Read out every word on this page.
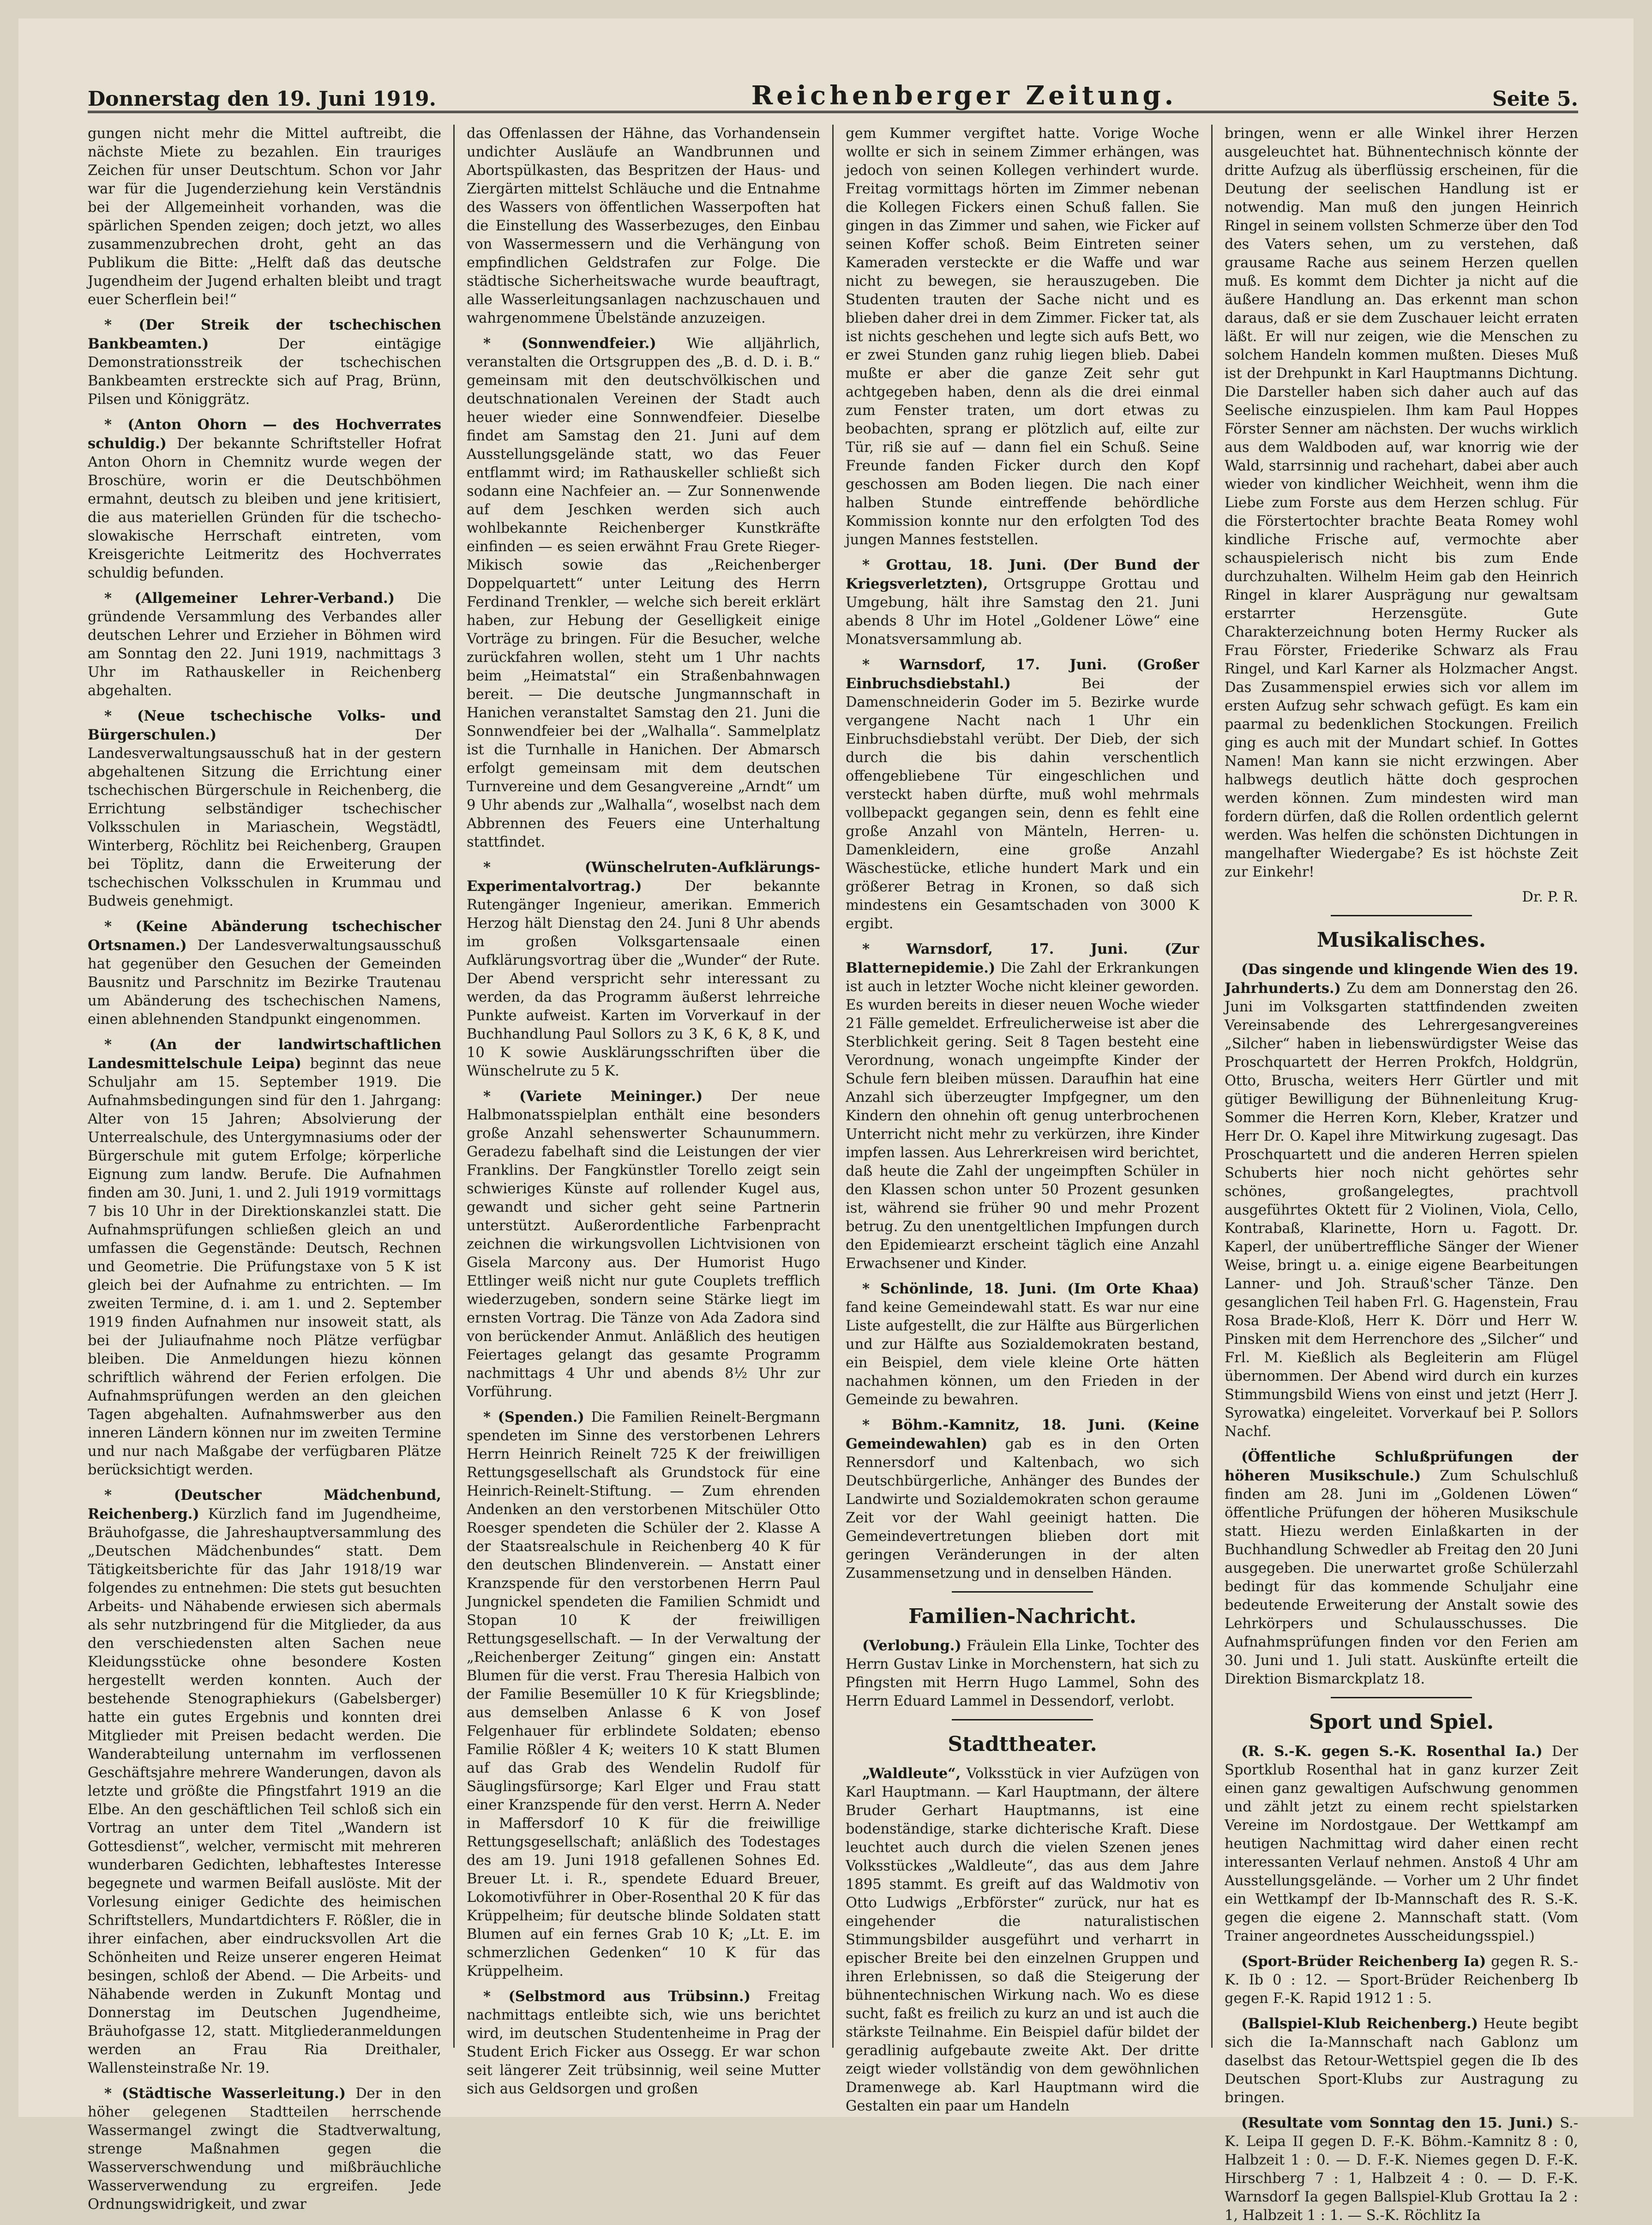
Donnerstag den 19. Juni 1919.	Reichenberger Zeitung.	Seite 5.

gungen nicht mehr die Mittel auftreibt, die nächste Miete zu bezahlen. Ein trauriges Zeichen für unser Deutschtum. Schon vor Jahr war für die Jugenderziehung kein Verständnis bei der Allgemeinheit vorhanden, was die spärlichen Spenden zeigen; doch jetzt, wo alles zusammenzubrechen droht, geht an das Publikum die Bitte: „Helft daß das deutsche Jugendheim der Jugend erhalten bleibt und tragt euer Scherflein bei!“

* (Der Streik der tschechischen Bankbeamten.)	Der eintägige Demonstrationsstreik der tschechischen Bankbeamten erstreckte sich auf Prag, Brünn, Pilsen und Königgrätz.

* (Anton Ohorn — des Hochverrates schuldig.) Der bekannte Schriftsteller Hofrat Anton Ohorn in Chemnitz wurde wegen der Broschüre, worin er die Deutschböhmen ermahnt, deutsch zu bleiben und jene kritisiert, die aus materiellen Gründen für die tschecho-slowakische Herrschaft eintreten, vom Kreisgerichte Leitmeritz des Hochverrates schuldig befunden.

* (Allgemeiner Lehrer-Verband.) Die gründende Versammlung des Verbandes aller deutschen Lehrer und Erzieher in Böhmen wird am Sonntag den 22. Juni 1919, nachmittags 3 Uhr im Rathauskeller in Reichenberg abgehalten.

* (Neue tschechische Volks- und Bürgerschulen.)	Der Landesverwaltungsausschuß hat in der gestern abgehaltenen Sitzung die Errichtung einer tschechischen Bürgerschule in Reichenberg, die Errichtung selbständiger tschechischer Volksschulen in Mariaschein, Wegstädtl, Winterberg, Röchlitz bei Reichenberg, Graupen bei Töplitz, dann die Erweiterung der tschechischen Volksschulen in Krummau und Budweis genehmigt.

* (Keine Abänderung tschechischer Ortsnamen.) Der Landesverwaltungsausschuß hat gegenüber den Gesuchen der Gemeinden Bausnitz und Parschnitz im Bezirke Trautenau um Abänderung des tschechischen Namens, einen ablehnenden Standpunkt eingenommen.

* (An der landwirtschaftlichen Landesmittelschule Leipa) beginnt das neue Schuljahr am 15. September 1919. Die Aufnahmsbedingungen sind für den 1. Jahrgang: Alter von 15 Jahren; Absolvierung der Unterrealschule, des Untergymnasiums oder der Bürgerschule mit gutem Erfolge; körperliche Eignung zum landw. Berufe. Die Aufnahmen finden am 30. Juni, 1. und 2. Juli 1919 vormittags 7 bis 10 Uhr in der Direktionskanzlei statt. Die Aufnahmsprüfungen schließen gleich an und umfassen die Gegenstände: Deutsch, Rechnen und Geometrie. Die Prüfungstaxe von 5 K ist gleich bei der Aufnahme zu entrichten. — Im zweiten Termine, d. i. am 1. und 2. September 1919 finden Aufnahmen nur insoweit statt, als bei der Juliaufnahme noch Plätze verfügbar bleiben. Die Anmeldungen hiezu können schriftlich während der Ferien erfolgen. Die Aufnahmsprüfungen werden an den gleichen Tagen abgehalten. Aufnahmswerber aus den inneren Ländern können nur im zweiten Termine und nur nach Maßgabe der verfügbaren Plätze berücksichtigt werden.

* (Deutscher Mädchenbund, Reichenberg.) Kürzlich fand im Jugendheime, Bräuhofgasse, die Jahreshauptversammlung des „Deutschen Mädchenbundes“ statt. Dem Tätigkeitsberichte für das Jahr 1918/19 war folgendes zu entnehmen: Die stets gut besuchten Arbeits- und Nähabende erwiesen sich abermals als sehr nutzbringend für die Mitglieder, da aus den verschiedensten alten Sachen neue Kleidungsstücke ohne besondere Kosten hergestellt werden konnten. Auch der bestehende Stenographiekurs (Gabelsberger) hatte ein gutes Ergebnis und konnten drei Mitglieder mit Preisen bedacht werden. Die Wanderabteilung unternahm im verflossenen Geschäftsjahre mehrere Wanderungen, davon als letzte und größte die Pfingstfahrt 1919 an die Elbe. An den geschäftlichen Teil schloß sich ein Vortrag an unter dem Titel „Wandern ist Gottesdienst“, welcher, vermischt mit mehreren wunderbaren Gedichten, lebhaftestes Interesse begegnete und warmen Beifall auslöste. Mit der Vorlesung einiger Gedichte des heimischen Schriftstellers, Mundartdichters F. Rößler, die in ihrer einfachen, aber eindrucksvollen Art die Schönheiten und Reize unserer engeren Heimat besingen, schloß der Abend. — Die Arbeits- und Nähabende werden in Zukunft Montag und Donnerstag im Deutschen Jugendheime, Bräuhofgasse 12, statt. Mitgliederanmeldungen werden an Frau Ria Dreithaler, Wallensteinstraße Nr. 19.

* (Städtische Wasserleitung.) Der in den höher gelegenen Stadtteilen herrschende Wassermangel zwingt die Stadtverwaltung, strenge Maßnahmen gegen die Wasserverschwendung und mißbräuchliche Wasserverwendung zu ergreifen. Jede Ordnungswidrigkeit, und zwar

das Offenlassen der Hähne, das Vorhandensein undichter Ausläufe an Wandbrunnen und Abortspülkasten, das Bespritzen der Haus- und Ziergärten mittelst Schläuche und die Entnahme des Wassers von öffentlichen Wasserpoften hat die Einstellung des Wasserbezuges, den Einbau von Wassermessern und die Verhängung von empfindlichen Geldstrafen zur Folge. Die städtische Sicherheitswache wurde beauftragt, alle Wasserleitungsanlagen nachzuschauen und wahrgenommene Übelstände anzuzeigen.

* (Sonnwendfeier.) Wie alljährlich, veranstalten die Ortsgruppen des „B. d. D. i. B.“ gemeinsam mit den deutschvölkischen und deutschnationalen Vereinen der Stadt auch heuer wieder eine Sonnwendfeier. Dieselbe findet am Samstag den 21. Juni auf dem Ausstellungsgelände statt, wo das Feuer entflammt wird; im Rathauskeller schließt sich sodann eine Nachfeier an. — Zur Sonnenwende auf dem Jeschken werden sich auch wohlbekannte Reichenberger Kunstkräfte einfinden — es seien erwähnt Frau Grete Rieger-Mikisch sowie das „Reichenberger Doppelquartett“ unter Leitung des Herrn Ferdinand Trenkler, — welche sich bereit erklärt haben, zur Hebung der Geselligkeit einige Vorträge zu bringen. Für die Besucher, welche zurückfahren wollen, steht um 1 Uhr nachts beim „Heimatstal“ ein Straßenbahnwagen bereit. — Die deutsche Jungmannschaft in Hanichen veranstaltet Samstag den 21. Juni die Sonnwendfeier bei der „Walhalla“. Sammelplatz ist die Turnhalle in Hanichen. Der Abmarsch erfolgt gemeinsam mit dem deutschen Turnvereine und dem Gesangvereine „Arndt“ um 9 Uhr abends zur „Walhalla“, woselbst nach dem Abbrennen des Feuers eine Unterhaltung stattfindet.

* (Wünschelruten-Aufklärungs-Experimentalvortrag.)	Der bekannte Rutengänger Ingenieur, amerikan. Emmerich Herzog hält Dienstag den 24. Juni 8 Uhr abends im großen Volksgartensaale einen Aufklärungsvortrag über die „Wunder“ der Rute. Der Abend verspricht sehr interessant zu werden, da das Programm äußerst lehrreiche Punkte aufweist. Karten im Vorverkauf in der Buchhandlung Paul Sollors zu 3 K, 6 K, 8 K, und 10 K sowie Ausklärungsschriften über die Wünschelrute zu 5 K.

* (Variete Meininger.) Der neue Halbmonatsspielplan enthält eine besonders große Anzahl sehenswerter Schaunummern. Geradezu fabelhaft sind die Leistungen der vier Franklins. Der Fangkünstler Torello zeigt sein schwieriges Künste auf rollender Kugel aus, gewandt und sicher geht seine Partnerin unterstützt. Außerordentliche Farbenpracht zeichnen die wirkungsvollen Lichtvisionen von Gisela Marcony aus. Der Humorist Hugo Ettlinger weiß nicht nur gute Couplets trefflich wiederzugeben, sondern seine Stärke liegt im ernsten Vortrag. Die Tänze von Ada Zadora sind von berückender Anmut. Anläßlich des heutigen Feiertages gelangt das gesamte Programm nachmittags 4 Uhr und abends 8½ Uhr zur Vorführung.

* (Spenden.) Die Familien Reinelt-Bergmann spendeten im Sinne des verstorbenen Lehrers Herrn Heinrich Reinelt 725 K der freiwilligen Rettungsgesellschaft als Grundstock für eine Heinrich-Reinelt-Stiftung. — Zum ehrenden Andenken an den verstorbenen Mitschüler Otto Roesger spendeten die Schüler der 2. Klasse A der Staatsrealschule in Reichenberg 40 K für den deutschen Blindenverein. — Anstatt einer Kranzspende für den verstorbenen Herrn Paul Jungnickel spendeten die Familien Schmidt und Stopan 10 K der freiwilligen Rettungsgesellschaft. — In der Verwaltung der „Reichenberger Zeitung“ gingen ein: Anstatt Blumen für die verst. Frau Theresia Halbich von der Familie Besemüller 10 K für Kriegsblinde; aus demselben Anlasse 6 K von Josef Felgenhauer für erblindete Soldaten; ebenso Familie Rößler 4 K; weiters 10 K statt Blumen auf das Grab des Wendelin Rudolf für Säuglingsfürsorge; Karl Elger und Frau statt einer Kranzspende für den verst. Herrn A. Neder in Maffersdorf 10 K für die freiwillige Rettungsgesellschaft; anläßlich des Todestages des am 19. Juni 1918 gefallenen Sohnes Ed. Breuer Lt. i. R., spendete Eduard Breuer, Lokomotivführer in Ober-Rosenthal 20 K für das Krüppelheim; für deutsche blinde Soldaten statt Blumen auf ein fernes Grab 10 K; „Lt. E. im schmerzlichen Gedenken“ 10 K für das Krüppelheim.

* (Selbstmord aus Trübsinn.) Freitag nachmittags entleibte sich, wie uns berichtet wird, im deutschen Studentenheime in Prag der Student Erich Ficker aus Ossegg. Er war schon seit längerer Zeit trübsinnig, weil seine Mutter sich aus Geldsorgen und großen

gem Kummer vergiftet hatte. Vorige Woche wollte er sich in seinem Zimmer erhängen, was jedoch von seinen Kollegen verhindert wurde. Freitag vormittags hörten im Zimmer nebenan die Kollegen Fickers einen Schuß fallen. Sie gingen in das Zimmer und sahen, wie Ficker auf seinen Koffer schoß. Beim Eintreten seiner Kameraden versteckte er die Waffe und war nicht zu bewegen, sie herauszugeben. Die Studenten trauten der Sache nicht und es blieben daher drei in dem Zimmer. Ficker tat, als ist nichts geschehen und legte sich aufs Bett, wo er zwei Stunden ganz ruhig liegen blieb. Dabei mußte er aber die ganze Zeit sehr gut achtgegeben haben, denn als die drei einmal zum Fenster traten, um dort etwas zu beobachten, sprang er plötzlich auf, eilte zur Tür, riß sie auf — dann fiel ein Schuß. Seine Freunde fanden Ficker durch den Kopf geschossen am Boden liegen. Die nach einer halben Stunde eintreffende behördliche Kommission konnte nur den erfolgten Tod des jungen Mannes feststellen.

* Grottau, 18. Juni. (Der Bund der Kriegsverletzten), Ortsgruppe Grottau und Umgebung, hält ihre Samstag den 21. Juni abends 8 Uhr im Hotel „Goldener Löwe“ eine Monatsversammlung ab.

* Warnsdorf, 17. Juni. (Großer Einbruchsdiebstahl.)	Bei der Damenschneiderin Goder im 5. Bezirke wurde vergangene Nacht nach 1 Uhr ein Einbruchsdiebstahl verübt. Der Dieb, der sich durch die bis dahin verschentlich offengebliebene Tür eingeschlichen und versteckt haben dürfte, muß wohl mehrmals vollbepackt gegangen sein, denn es fehlt eine große Anzahl von Mänteln, Herren- u. Damenkleidern, eine große Anzahl Wäschestücke, etliche hundert Mark und ein größerer Betrag in Kronen, so daß sich mindestens ein Gesamtschaden von 3000 K ergibt.

* Warnsdorf, 17. Juni. (Zur Blatternepidemie.) Die Zahl der Erkrankungen ist auch in letzter Woche nicht kleiner geworden. Es wurden bereits in dieser neuen Woche wieder 21 Fälle gemeldet. Erfreulicherweise ist aber die Sterblichkeit gering. Seit 8 Tagen besteht eine Verordnung, wonach ungeimpfte Kinder der Schule fern bleiben müssen. Daraufhin hat eine Anzahl sich überzeugter Impfgegner, um den Kindern den ohnehin oft genug unterbrochenen Unterricht nicht mehr zu verkürzen, ihre Kinder impfen lassen. Aus Lehrerkreisen wird berichtet, daß heute die Zahl der ungeimpften Schüler in den Klassen schon unter 50 Prozent gesunken ist, während sie früher 90 und mehr Prozent betrug. Zu den unentgeltlichen Impfungen durch den Epidemiearzt erscheint täglich eine Anzahl Erwachsener und Kinder.

* Schönlinde, 18. Juni. (Im Orte Khaa) fand keine Gemeindewahl statt. Es war nur eine Liste aufgestellt, die zur Hälfte aus Bürgerlichen und zur Hälfte aus Sozialdemokraten bestand, ein Beispiel, dem viele kleine Orte hätten nachahmen können, um den Frieden in der Gemeinde zu bewahren.

* Böhm.-Kamnitz, 18. Juni. (Keine Gemeindewahlen) gab es in den Orten Rennersdorf und Kaltenbach, wo sich Deutschbürgerliche, Anhänger des Bundes der Landwirte und Sozialdemokraten schon geraume Zeit vor der Wahl geeinigt hatten. Die Gemeindevertretungen blieben dort mit geringen Veränderungen in der alten Zusammensetzung und in denselben Händen.

Familien-Nachricht.

(Verlobung.) Fräulein Ella Linke, Tochter des Herrn Gustav Linke in Morchenstern, hat sich zu Pfingsten mit Herrn Hugo Lammel, Sohn des Herrn Eduard Lammel in Dessendorf, verlobt.

Stadttheater.

„Waldleute“, Volksstück in vier Aufzügen von Karl Hauptmann. — Karl Hauptmann, der ältere Bruder Gerhart Hauptmanns, ist eine bodenständige, starke dichterische Kraft. Diese leuchtet auch durch die vielen Szenen jenes Volksstückes „Waldleute“, das aus dem Jahre 1895 stammt. Es greift auf das Waldmotiv von Otto Ludwigs „Erbförster“ zurück, nur hat es eingehender die naturalistischen Stimmungsbilder ausgeführt und verharrt in epischer Breite bei den einzelnen Gruppen und ihren Erlebnissen, so daß die Steigerung der bühnentechnischen Wirkung nach. Wo es diese sucht, faßt es freilich zu kurz an und ist auch die stärkste Teilnahme. Ein Beispiel dafür bildet der geradlinig aufgebaute zweite Akt. Der dritte zeigt wieder vollständig von dem gewöhnlichen Dramenwege ab. Karl Hauptmann wird die Gestalten ein paar um Handeln

bringen, wenn er alle Winkel ihrer Herzen ausgeleuchtet hat. Bühnentechnisch könnte der dritte Aufzug als überflüssig erscheinen, für die Deutung der seelischen Handlung ist er notwendig. Man muß den jungen Heinrich Ringel in seinem vollsten Schmerze über den Tod des Vaters sehen, um zu verstehen, daß grausame Rache aus seinem Herzen quellen muß. Es kommt dem Dichter ja nicht auf die äußere Handlung an. Das erkennt man schon daraus, daß er sie dem Zuschauer leicht erraten läßt. Er will nur zeigen, wie die Menschen zu solchem Handeln kommen mußten. Dieses Muß ist der Drehpunkt in Karl Hauptmanns Dichtung. Die Darsteller haben sich daher auch auf das Seelische einzuspielen. Ihm kam Paul Hoppes Förster Senner am nächsten. Der wuchs wirklich aus dem Waldboden auf, war knorrig wie der Wald, starrsinnig und rachehart, dabei aber auch wieder von kindlicher Weichheit, wenn ihm die Liebe zum Forste aus dem Herzen schlug. Für die Förstertochter brachte Beata Romey wohl kindliche Frische auf, vermochte aber schauspielerisch nicht bis zum Ende durchzuhalten. Wilhelm Heim gab den Heinrich Ringel in klarer Ausprägung nur gewaltsam erstarrter Herzensgüte. Gute Charakterzeichnung boten Hermy Rucker als Frau Förster, Friederike Schwarz als Frau Ringel, und Karl Karner als Holzmacher Angst. Das Zusammenspiel erwies sich vor allem im ersten Aufzug sehr schwach gefügt. Es kam ein paarmal zu bedenklichen Stockungen. Freilich ging es auch mit der Mundart schief. In Gottes Namen! Man kann sie nicht erzwingen. Aber halbwegs deutlich hätte doch gesprochen werden können. Zum mindesten wird man fordern dürfen, daß die Rollen ordentlich gelernt werden. Was helfen die schönsten Dichtungen in mangelhafter Wiedergabe? Es ist höchste Zeit zur Einkehr!

Dr. P. R.

Musikalisches.

(Das singende und klingende Wien des 19. Jahrhunderts.) Zu dem am Donnerstag den 26. Juni im Volksgarten stattfindenden zweiten Vereinsabende des Lehrergesangvereines „Silcher“ haben in liebenswürdigster Weise das Proschquartett der Herren Prokfch, Holdgrün, Otto, Bruscha, weiters Herr Gürtler und mit gütiger Bewilligung der Bühnenleitung Krug-Sommer die Herren Korn, Kleber, Kratzer und Herr Dr. O. Kapel ihre Mitwirkung zugesagt. Das Proschquartett und die anderen Herren spielen Schuberts hier noch nicht gehörtes sehr schönes, großangelegtes, prachtvoll ausgeführtes Oktett für 2 Violinen, Viola, Cello, Kontrabaß, Klarinette, Horn u. Fagott. Dr. Kaperl, der unübertreffliche Sänger der Wiener Weise, bringt u. a. einige eigene Bearbeitungen Lanner- und Joh. Strauß'scher Tänze. Den gesanglichen Teil haben Frl. G. Hagenstein, Frau Rosa Brade-Kloß, Herr K. Dörr und Herr W. Pinsken mit dem Herrenchore des „Silcher“ und Frl. M. Kießlich als Begleiterin am Flügel übernommen. Der Abend wird durch ein kurzes Stimmungsbild Wiens von einst und jetzt (Herr J. Syrowatka) eingeleitet. Vorverkauf bei P. Sollors Nachf.

(Öffentliche Schlußprüfungen der höheren Musikschule.) Zum Schulschluß finden am 28. Juni im „Goldenen Löwen“ öffentliche Prüfungen der höheren Musikschule statt. Hiezu werden Einlaßkarten in der Buchhandlung Schwedler ab Freitag den 20 Juni ausgegeben. Die unerwartet große Schülerzahl bedingt für das kommende Schuljahr eine bedeutende Erweiterung der Anstalt sowie des Lehrkörpers und Schulausschusses. Die Aufnahmsprüfungen finden vor den Ferien am 30. Juni und 1. Juli statt. Auskünfte erteilt die Direktion Bismarckplatz 18.

Sport und Spiel.

(R. S.-K. gegen S.-K. Rosenthal Ia.) Der Sportklub Rosenthal hat in ganz kurzer Zeit einen ganz gewaltigen Aufschwung genommen und zählt jetzt zu einem recht spielstarken Vereine im Nordostgaue. Der Wettkampf am heutigen Nachmittag wird daher einen recht interessanten Verlauf nehmen. Anstoß 4 Uhr am Ausstellungsgelände. — Vorher um 2 Uhr findet ein Wettkampf der Ib-Mannschaft des R. S.-K. gegen die eigene 2. Mannschaft statt. (Vom Trainer angeordnetes Ausscheidungsspiel.)

(Sport-Brüder Reichenberg Ia) gegen R. S.-K. Ib 0 : 12. — Sport-Brüder Reichenberg Ib gegen F.-K. Rapid 1912 1 : 5.

(Ballspiel-Klub Reichenberg.) Heute begibt sich die Ia-Mannschaft nach Gablonz um daselbst das Retour-Wettspiel gegen die Ib des Deutschen Sport-Klubs zur Austragung zu bringen.

(Resultate vom Sonntag den 15. Juni.) S.-K. Leipa II gegen D. F.-K. Böhm.-Kamnitz 8 : 0, Halbzeit 1 : 0. — D. F.-K. Niemes gegen D. F.-K. Hirschberg 7 : 1, Halbzeit 4 : 0. — D. F.-K. Warnsdorf Ia gegen Ballspiel-Klub Grottau Ia 2 : 1, Halbzeit 1 : 1. — S.-K. Röchlitz Ia
